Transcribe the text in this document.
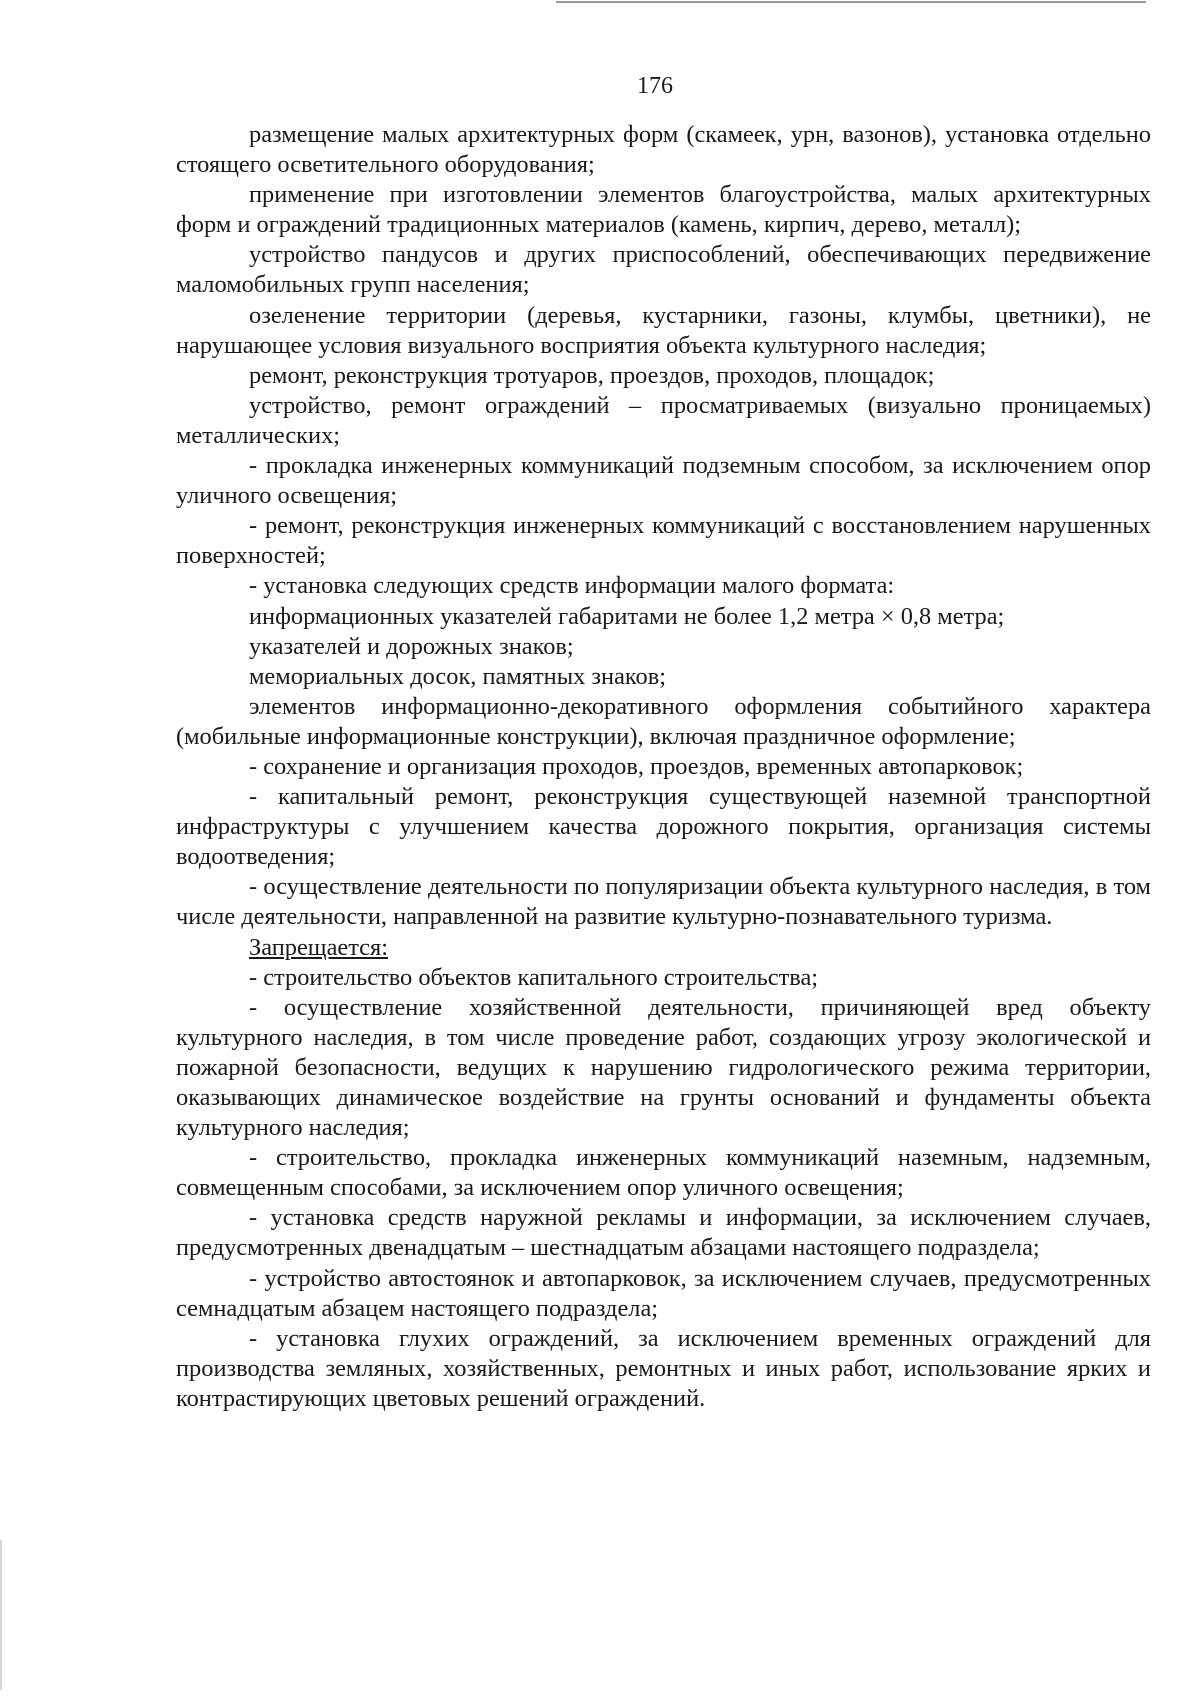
176

размещение малых архитектурных форм (скамеек, урн, вазонов), установка отдельно стоящего осветительного оборудования;

применение при изготовлении элементов благоустройства, малых архитектурных форм и ограждений традиционных материалов (камень, кирпич, дерево, металл);

устройство пандусов и других приспособлений, обеспечивающих передвижение маломобильных групп населения;

озеленение территории (деревья, кустарники, газоны, клумбы, цветники), не нарушающее условия визуального восприятия объекта культурного наследия;

ремонт, реконструкция тротуаров, проездов, проходов, площадок;

устройство, ремонт ограждений – просматриваемых (визуально проницаемых) металлических;

- прокладка инженерных коммуникаций подземным способом, за исключением опор уличного освещения;

- ремонт, реконструкция инженерных коммуникаций с восстановлением нарушенных поверхностей;

- установка следующих средств информации малого формата:

информационных указателей габаритами не более 1,2 метра × 0,8 метра;

указателей и дорожных знаков;

мемориальных досок, памятных знаков;

элементов информационно-декоративного оформления событийного характера (мобильные информационные конструкции), включая праздничное оформление;

- сохранение и организация проходов, проездов, временных автопарковок;

- капитальный ремонт, реконструкция существующей наземной транспортной инфраструктуры с улучшением качества дорожного покрытия, организация системы водоотведения;

- осуществление деятельности по популяризации объекта культурного наследия, в том числе деятельности, направленной на развитие культурно-познавательного туризма.

Запрещается:

- строительство объектов капитального строительства;

- осуществление хозяйственной деятельности, причиняющей вред объекту культурного наследия, в том числе проведение работ, создающих угрозу экологической и пожарной безопасности, ведущих к нарушению гидрологического режима территории, оказывающих динамическое воздействие на грунты оснований и фундаменты объекта культурного наследия;

- строительство, прокладка инженерных коммуникаций наземным, надземным, совмещенным способами, за исключением опор уличного освещения;

- установка средств наружной рекламы и информации, за исключением случаев, предусмотренных двенадцатым – шестнадцатым абзацами настоящего подраздела;

- устройство автостоянок и автопарковок, за исключением случаев, предусмотренных семнадцатым абзацем настоящего подраздела;

- установка глухих ограждений, за исключением временных ограждений для производства земляных, хозяйственных, ремонтных и иных работ, использование ярких и контрастирующих цветовых решений ограждений.
